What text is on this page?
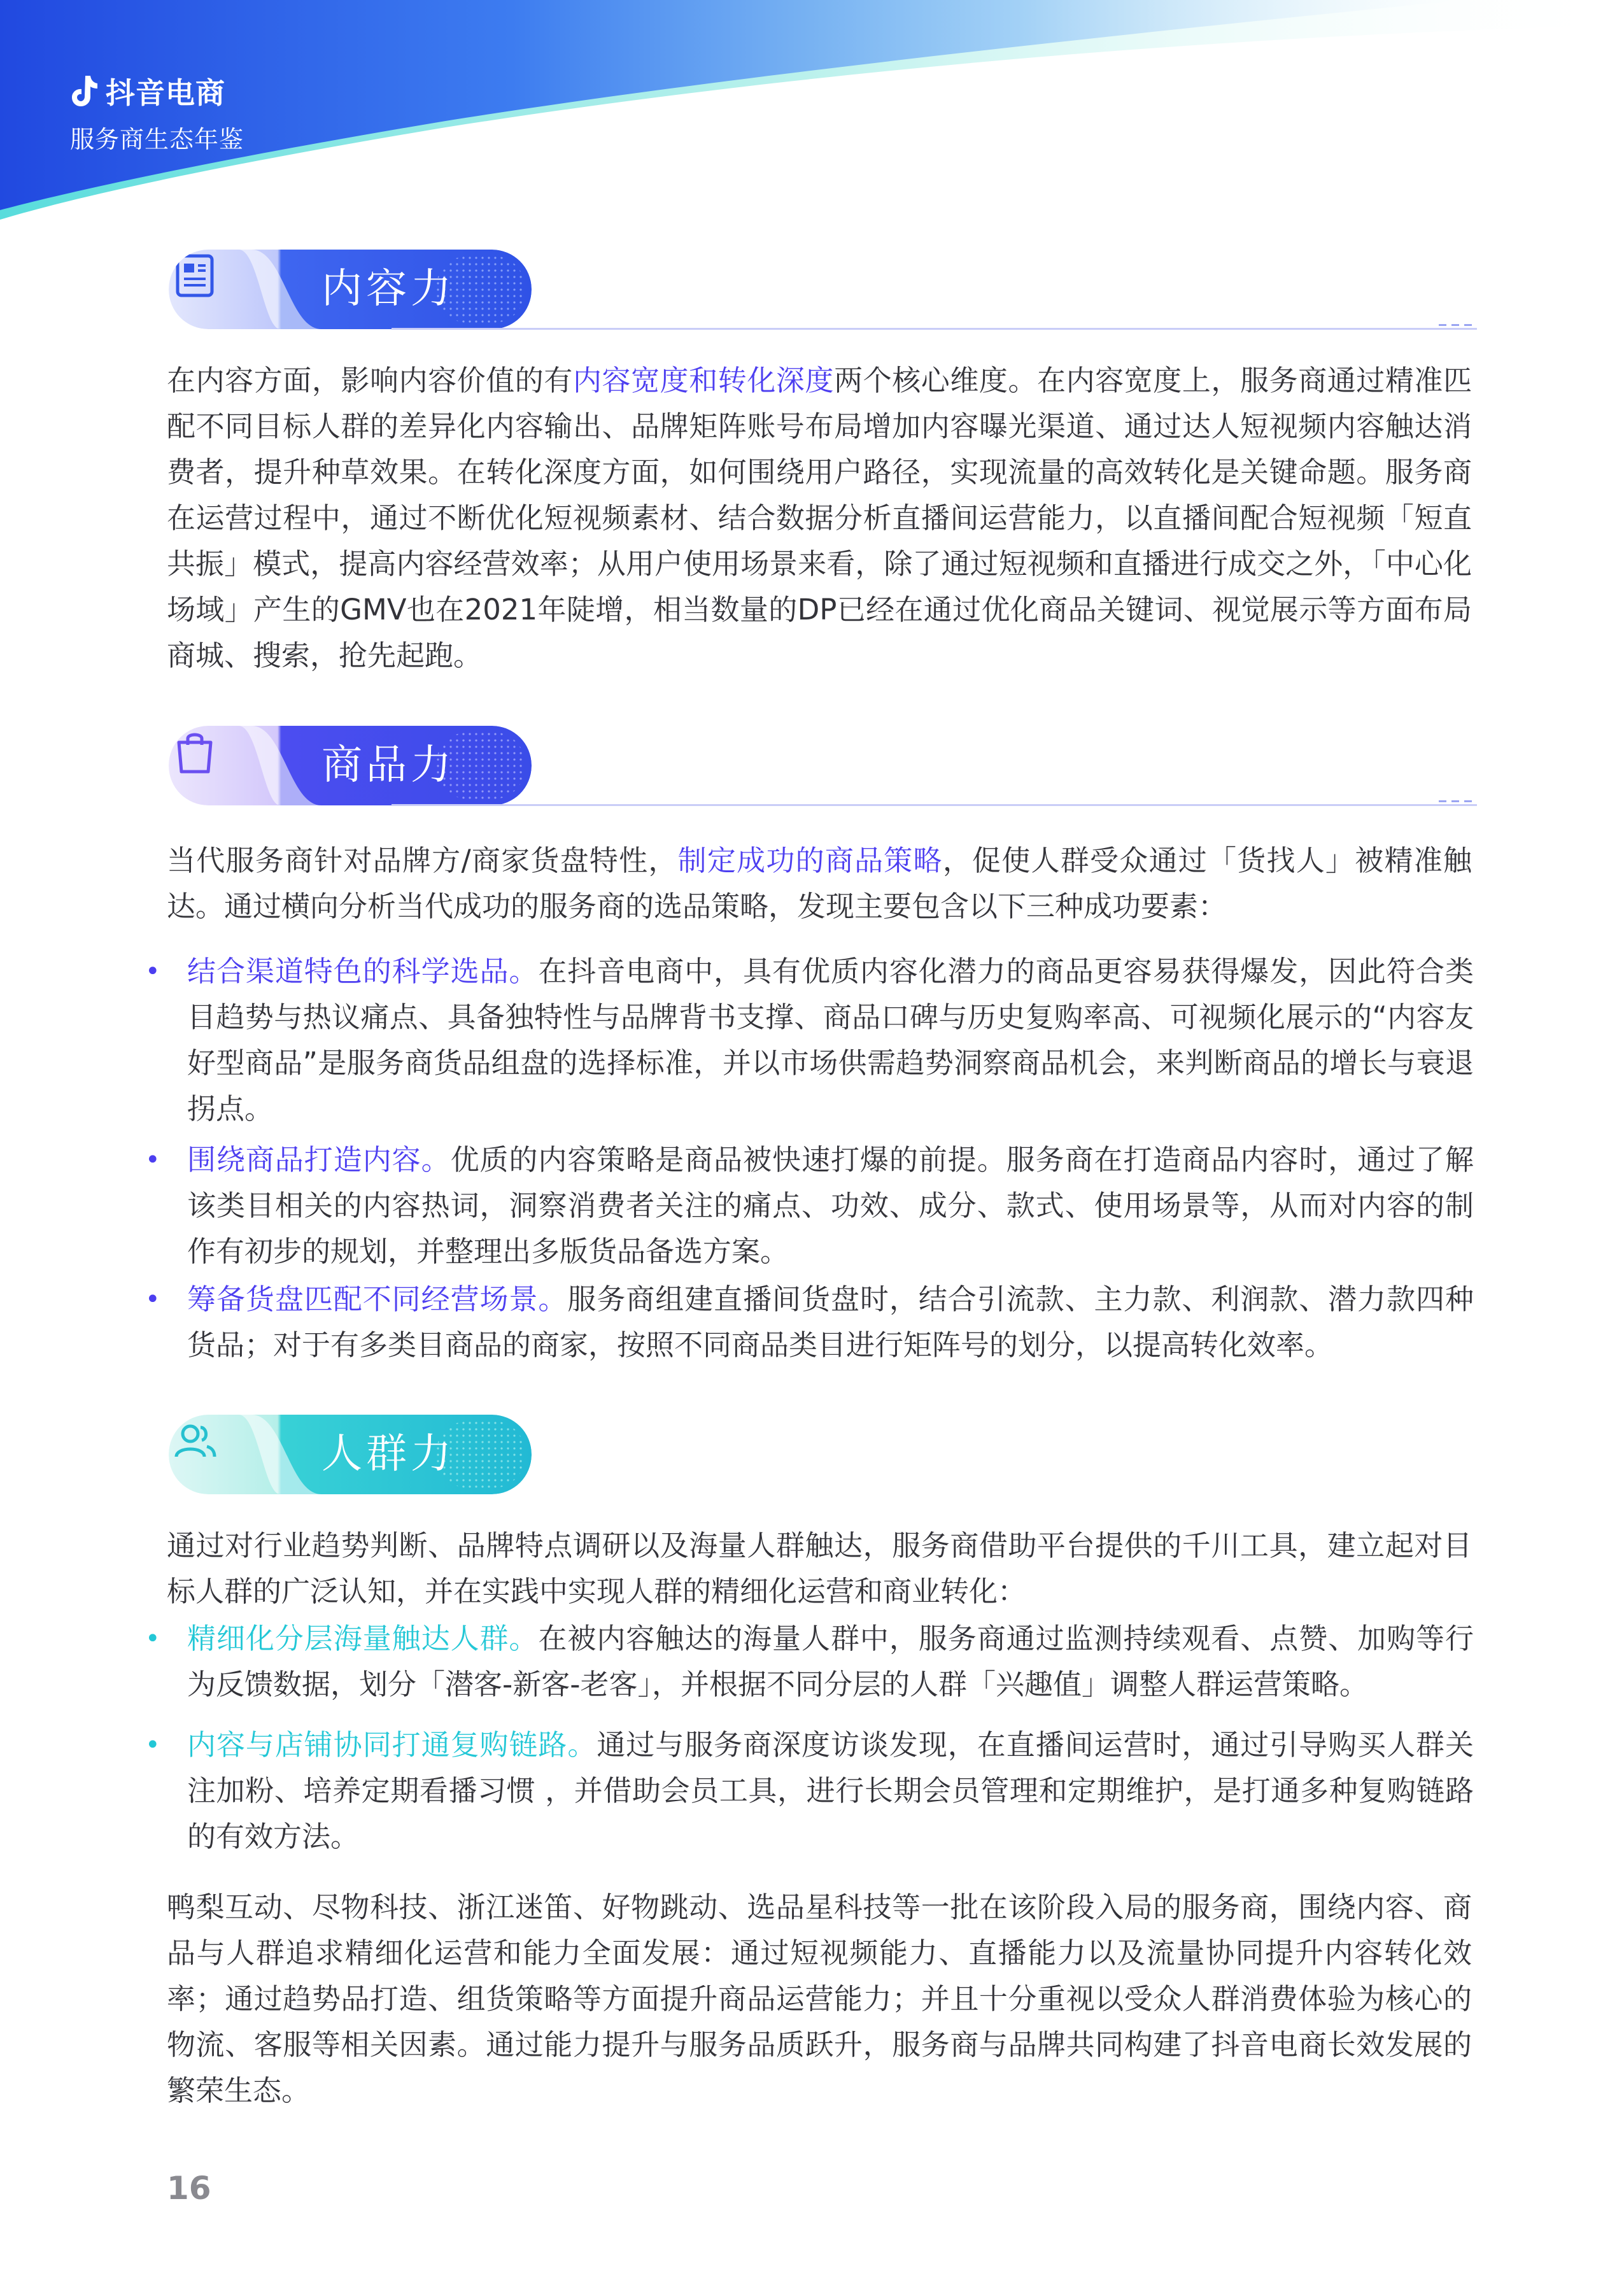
抖音电商
服务商生态年鉴
内容力
在内容方面，影响内容价值的有内容宽度和转化深度两个核心维度。在内容宽度上，服务商通过精准匹配不同目标人群的差异化内容输出、品牌矩阵账号布局增加内容曝光渠道、通过达人短视频内容触达消费者，提升种草效果。在转化深度方面，如何围绕用户路径，实现流量的高效转化是关键命题。服务商在运营过程中，通过不断优化短视频素材、结合数据分析直播间运营能力，以直播间配合短视频「短直共振」模式，提高内容经营效率；从用户使用场景来看，除了通过短视频和直播进行成交之外，「中心化场域」产生的GMV也在2021年陡增，相当数量的DP已经在通过优化商品关键词、视觉展示等方面布局商城、搜索，抢先起跑。
商品力
当代服务商针对品牌方/商家货盘特性，制定成功的商品策略，促使人群受众通过「货找人」被精准触达。通过横向分析当代成功的服务商的选品策略，发现主要包含以下三种成功要素：
• 结合渠道特色的科学选品。在抖音电商中，具有优质内容化潜力的商品更容易获得爆发，因此符合类目趋势与热议痛点、具备独特性与品牌背书支撑、商品口碑与历史复购率高、可视频化展示的“内容友好型商品”是服务商货品组盘的选择标准，并以市场供需趋势洞察商品机会，来判断商品的增长与衰退拐点。
• 围绕商品打造内容。优质的内容策略是商品被快速打爆的前提。服务商在打造商品内容时，通过了解该类目相关的内容热词，洞察消费者关注的痛点、功效、成分、款式、使用场景等，从而对内容的制作有初步的规划，并整理出多版货品备选方案。
• 筹备货盘匹配不同经营场景。服务商组建直播间货盘时，结合引流款、主力款、利润款、潜力款四种货品；对于有多类目商品的商家，按照不同商品类目进行矩阵号的划分，以提高转化效率。
人群力
通过对行业趋势判断、品牌特点调研以及海量人群触达，服务商借助平台提供的千川工具，建立起对目标人群的广泛认知，并在实践中实现人群的精细化运营和商业转化：
• 精细化分层海量触达人群。在被内容触达的海量人群中，服务商通过监测持续观看、点赞、加购等行为反馈数据，划分「潜客-新客-老客」，并根据不同分层的人群「兴趣值」调整人群运营策略。
• 内容与店铺协同打通复购链路。通过与服务商深度访谈发现，在直播间运营时，通过引导购买人群关注加粉、培养定期看播习惯 ，并借助会员工具，进行长期会员管理和定期维护，是打通多种复购链路的有效方法。
鸭梨互动、尽物科技、浙江迷笛、好物跳动、选品星科技等一批在该阶段入局的服务商，围绕内容、商品与人群追求精细化运营和能力全面发展：通过短视频能力、直播能力以及流量协同提升内容转化效率；通过趋势品打造、组货策略等方面提升商品运营能力；并且十分重视以受众人群消费体验为核心的物流、客服等相关因素。通过能力提升与服务品质跃升，服务商与品牌共同构建了抖音电商长效发展的繁荣生态。
16
